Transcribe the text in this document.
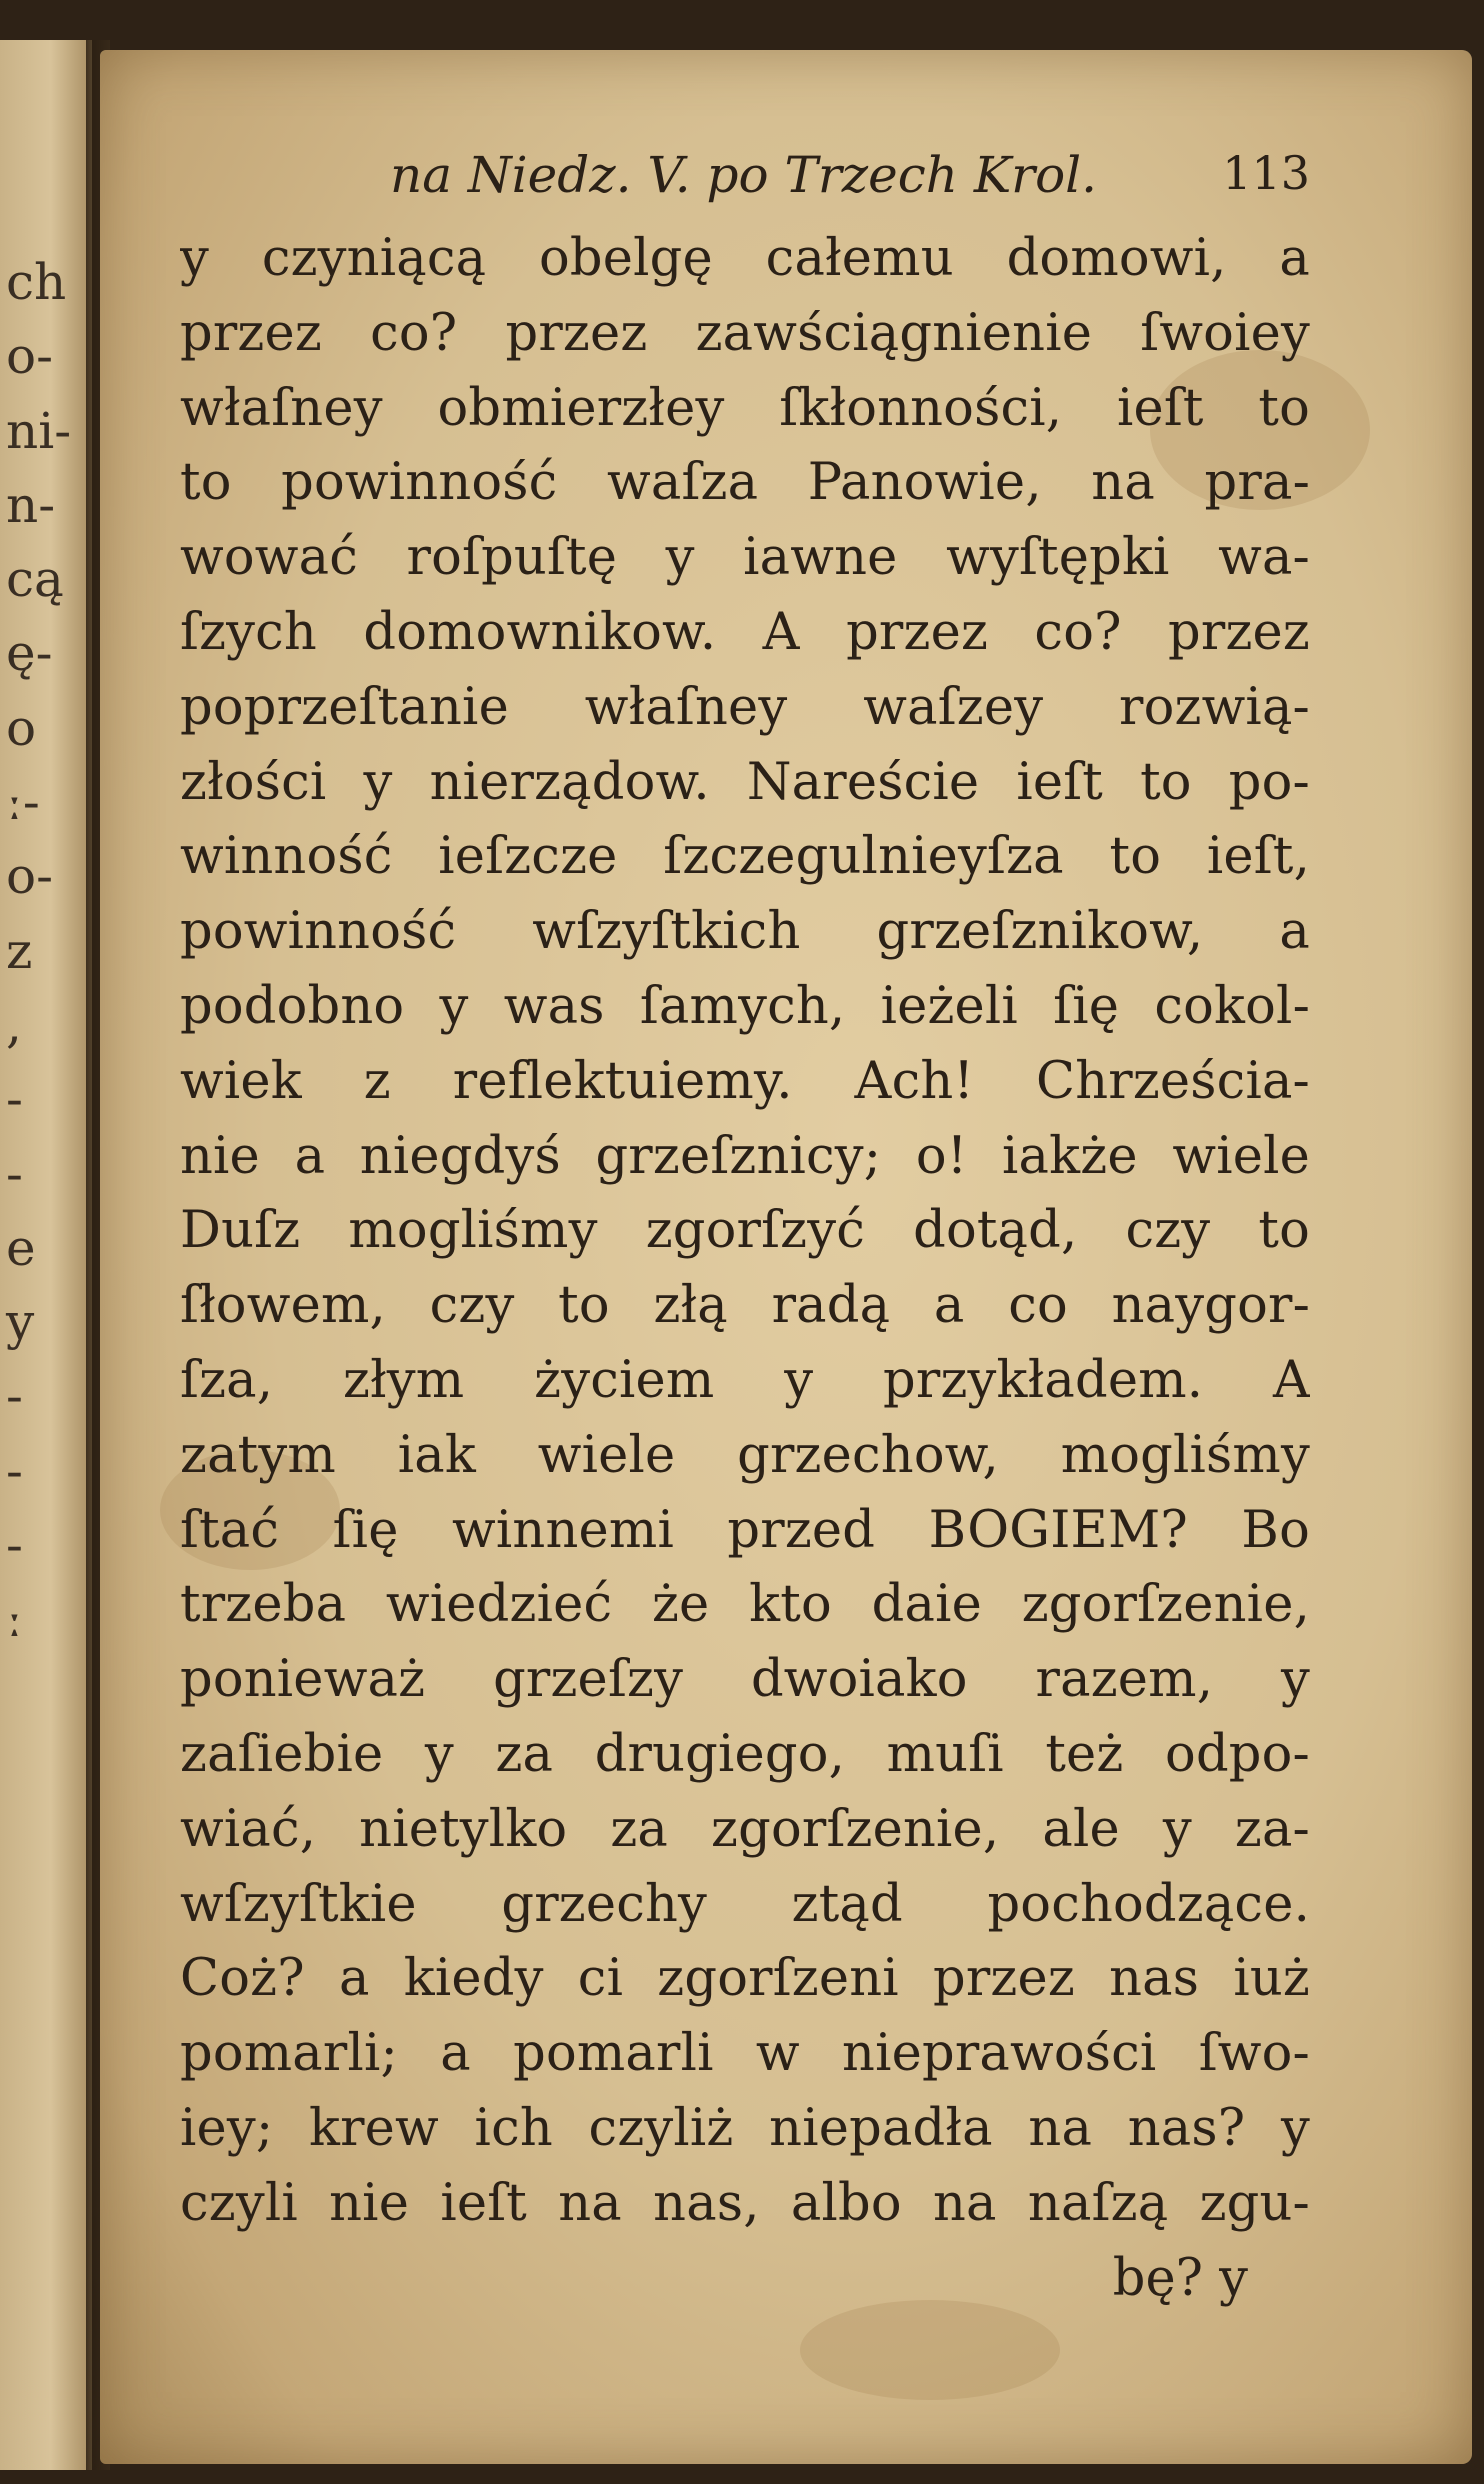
ch
o-
ni-
n-
cą
ę-
o
ː-
o-
z
̇,
-
-
e
y
-
-
-
ː
na Niedz. V. po Trzech Krol.	113
y czyniącą obelgę całemu domowi, a
przez co? przez zawściągnienie ſwoiey
właſney obmierzłey ſkłonności, ieſt to
to powinność waſza Panowie, na pra-
wować roſpuſtę y iawne wyſtępki wa-
ſzych domownikow. A przez co? przez
poprzeſtanie właſney waſzey rozwią-
złości y nierządow. Nareście ieſt to po-
winność ieſzcze ſzczegulnieyſza to ieſt,
powinność wſzyſtkich grzeſznikow, a
podobno y was ſamych, ieżeli ſię cokol-
wiek z reflektuiemy. Ach! Chrześcia-
nie a niegdyś grzeſznicy; o! iakże wiele
Duſz mogliśmy zgorſzyć dotąd, czy to
ſłowem, czy to złą radą a co naygor-
ſza, złym życiem y przykładem. A
zatym iak wiele grzechow, mogliśmy
ſtać ſię winnemi przed BOGIEM? Bo
trzeba wiedzieć że kto daie zgorſzenie,
ponieważ grzeſzy dwoiako razem, y
zaſiebie y za drugiego, muſi też odpo-
wiać, nietylko za zgorſzenie, ale y za-
wſzyſtkie grzechy ztąd pochodzące.
Coż? a kiedy ci zgorſzeni przez nas iuż
pomarli; a pomarli w nieprawości ſwo-
iey; krew ich czyliż niepadła na nas? y
czyli nie ieſt na nas, albo na naſzą zgu-
bę? y
